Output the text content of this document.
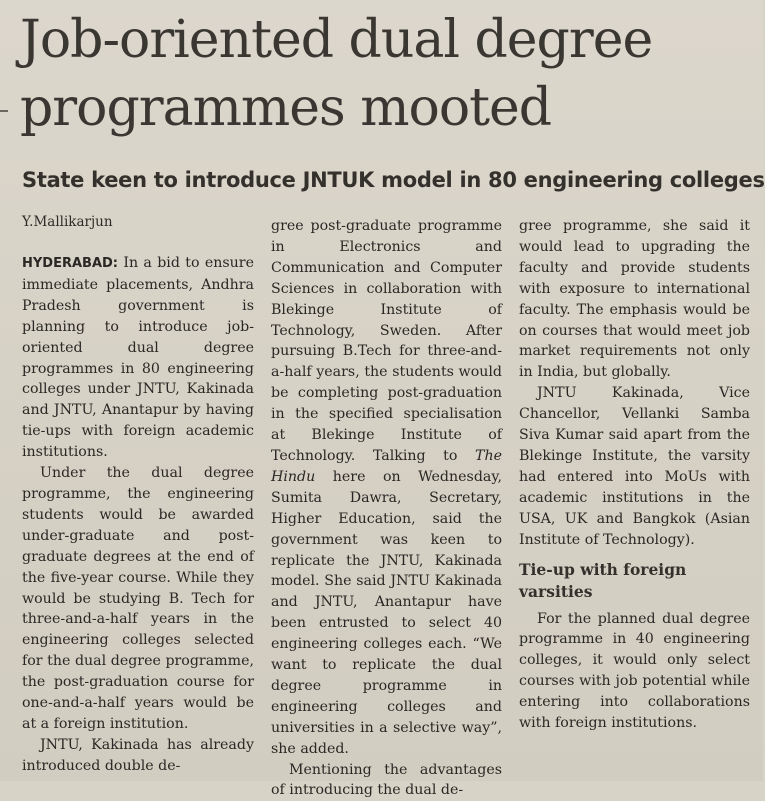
Job-oriented dual degree programmes mooted
State keen to introduce JNTUK model in 80 engineering colleges
Y.Mallikarjun

HYDERABAD: In a bid to ensure immediate placements, Andhra Pradesh government is planning to introduce job-oriented dual degree programmes in 80 engineering colleges under JNTU, Kakinada and JNTU, Anantapur by having tie-ups with foreign academic institutions.

Under the dual degree programme, the engineering students would be awarded under-graduate and post-graduate degrees at the end of the five-year course. While they would be studying B. Tech for three-and-a-half years in the engineering colleges selected for the dual degree programme, the post-graduation course for one-and-a-half years would be at a foreign institution.

JNTU, Kakinada has already introduced double de-

gree post-graduate programme in Electronics and Communication and Computer Sciences in collaboration with Blekinge Institute of Technology, Sweden. After pursuing B.Tech for three-and-a-half years, the students would be completing post-graduation in the specified specialisation at Blekinge Institute of Technology. Talking to The Hindu here on Wednesday, Sumita Dawra, Secretary, Higher Education, said the government was keen to replicate the JNTU, Kakinada model. She said JNTU Kakinada and JNTU, Anantapur have been entrusted to select 40 engineering colleges each. “We want to replicate the dual degree programme in engineering colleges and universities in a selective way”, she added.

Mentioning the advantages of introducing the dual de-

gree programme, she said it would lead to upgrading the faculty and provide students with exposure to international faculty. The emphasis would be on courses that would meet job market requirements not only in India, but globally.

JNTU Kakinada, Vice Chancellor, Vellanki Samba Siva Kumar said apart from the Blekinge Institute, the varsity had entered into MoUs with academic institutions in the USA, UK and Bangkok (Asian Institute of Technology).

Tie-up with foreign varsities

For the planned dual degree programme in 40 engineering colleges, it would only select courses with job potential while entering into collaborations with foreign institutions.
